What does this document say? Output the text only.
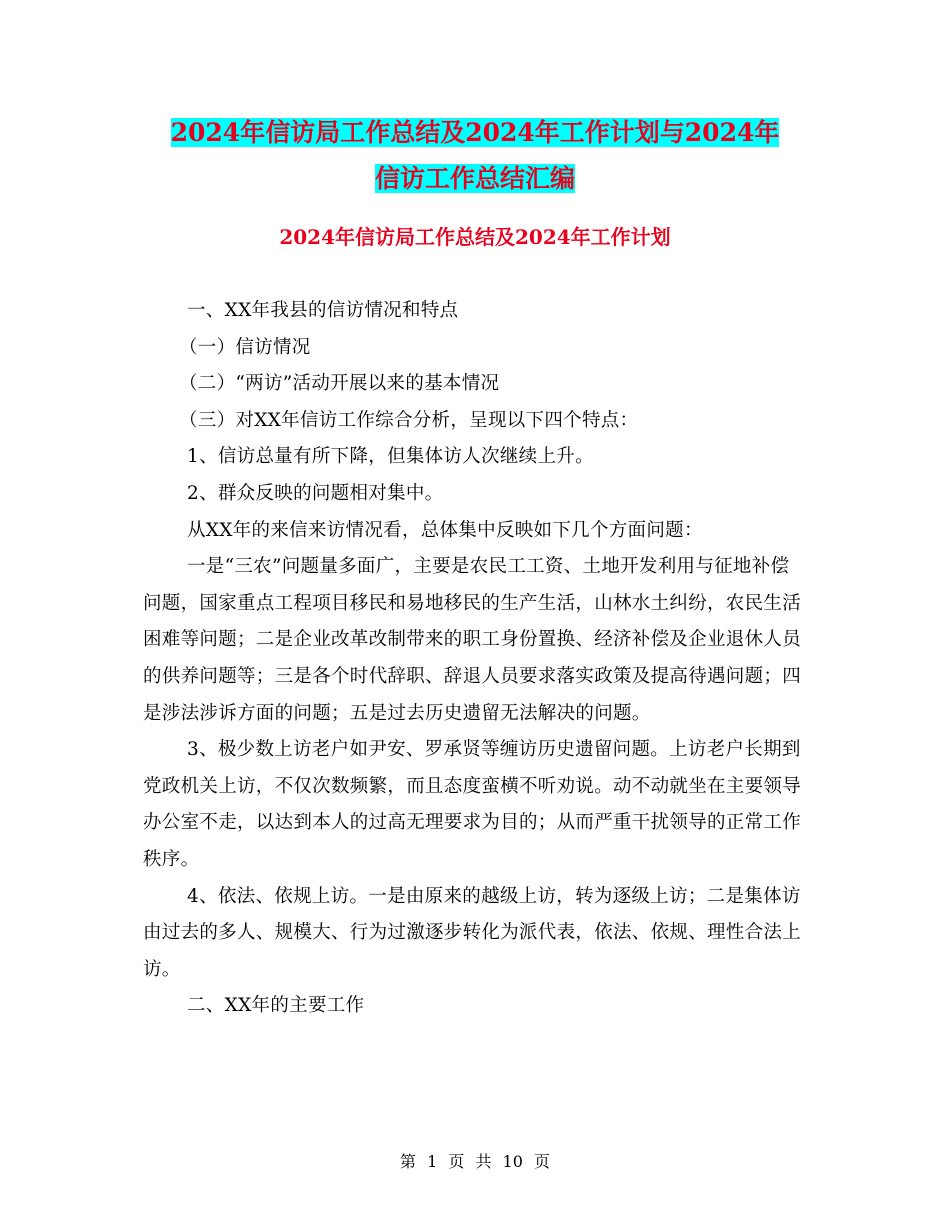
2024年信访局工作总结及2024年工作计划与2024年
信访工作总结汇编
2024年信访局工作总结及2024年工作计划

一、XX年我县的信访情况和特点

（一）信访情况

（二）“两访”活动开展以来的基本情况

（三）对XX年信访工作综合分析，呈现以下四个特点：

1、信访总量有所下降，但集体访人次继续上升。

2、群众反映的问题相对集中。

从XX年的来信来访情况看，总体集中反映如下几个方面问题：

一是“三农”问题量多面广，主要是农民工工资、土地开发利用与征地补偿问题，国家重点工程项目移民和易地移民的生产生活，山林水土纠纷，农民生活困难等问题；二是企业改革改制带来的职工身份置换、经济补偿及企业退休人员的供养问题等；三是各个时代辞职、辞退人员要求落实政策及提高待遇问题；四是涉法涉诉方面的问题；五是过去历史遗留无法解决的问题。

3、极少数上访老户如尹安、罗承贤等缠访历史遗留问题。上访老户长期到党政机关上访，不仅次数频繁，而且态度蛮横不听劝说。动不动就坐在主要领导办公室不走，以达到本人的过高无理要求为目的；从而严重干扰领导的正常工作秩序。

4、依法、依规上访。一是由原来的越级上访，转为逐级上访；二是集体访由过去的多人、规模大、行为过激逐步转化为派代表，依法、依规、理性合法上访。

二、XX年的主要工作

第 1 页 共 10 页
